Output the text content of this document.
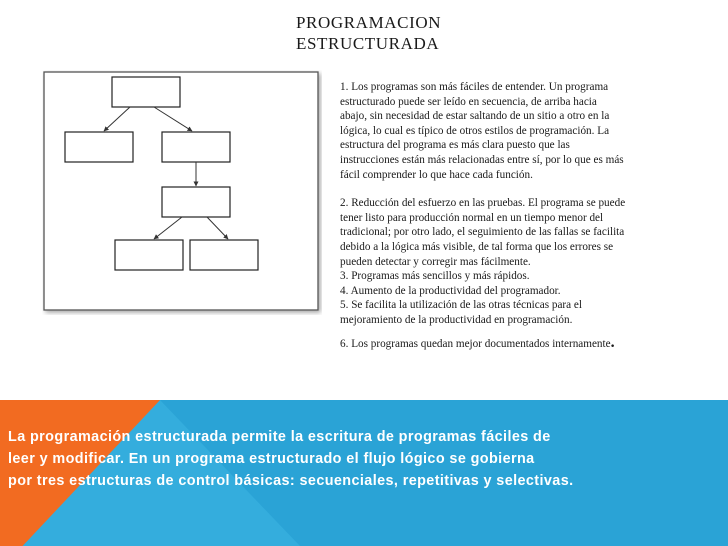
PROGRAMACION
ESTRUCTURADA
1. Los programas son más fáciles de entender. Un programa
estructurado puede ser leído en secuencia, de arriba hacia
abajo, sin necesidad de estar saltando de un sitio a otro en la
lógica, lo cual es típico de otros estilos de programación. La
estructura del programa es más clara puesto que las
instrucciones están más relacionadas entre sí, por lo que es más
fácil comprender lo que hace cada función.
2. Reducción del esfuerzo en las pruebas. El programa se puede
tener listo para producción normal en un tiempo menor del
tradicional; por otro lado, el seguimiento de las fallas se facilita
debido a la lógica más visible, de tal forma que los errores se
pueden detectar y corregir mas fácilmente.
3. Programas más sencillos y más rápidos.
4. Aumento de la productividad del programador.
5. Se facilita la utilización de las otras técnicas para el
mejoramiento de la productividad en programación.
6. Los programas quedan mejor documentados internamente.
La programación estructurada permite la escritura de programas fáciles de
leer y modificar. En un programa estructurado el flujo lógico se gobierna
por tres estructuras de control básicas: secuenciales, repetitivas y selectivas.
